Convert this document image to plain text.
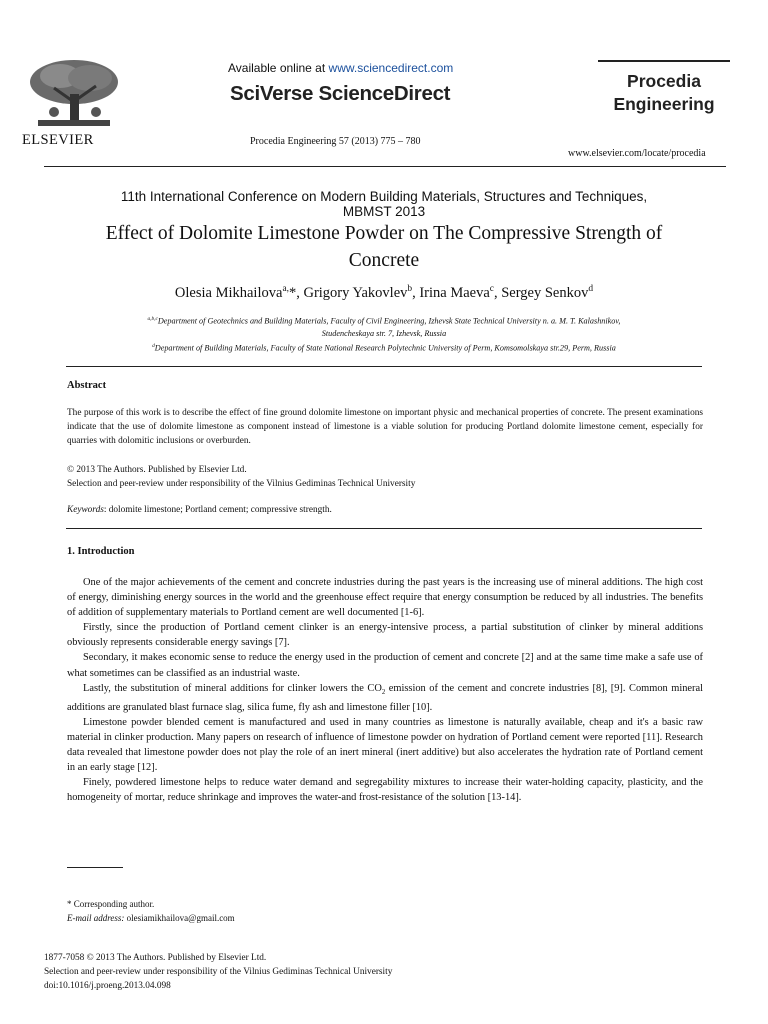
ELSEVIER
Available online at www.sciencedirect.com
SciVerse ScienceDirect
Procedia Engineering 57 (2013) 775 – 780
Procedia
Engineering
www.elsevier.com/locate/procedia
11th International Conference on Modern Building Materials, Structures and Techniques,
MBMST 2013
Effect of Dolomite Limestone Powder on The Compressive Strength of
Concrete
Olesia Mikhailova$^{a,}$*, Grigory Yakovlev$^b$, Irina Maeva$^c$, Sergey Senkov$^d$
$^{a,b,c}$Department of Geotechnics and Building Materials, Faculty of Civil Engineering, Izhevsk State Technical University n. a. M. T. Kalashnikov,
Studencheskaya str. 7, Izhevsk, Russia
$^d$Department of Building Materials, Faculty of State National Research Polytechnic University of Perm, Komsomolskaya str.29, Perm, Russia
Abstract
The purpose of this work is to describe the effect of fine ground dolomite limestone on important physic and mechanical properties of concrete. The present examinations indicate that the use of dolomite limestone as component instead of limestone is a viable solution for producing Portland dolomite limestone cement, especially for quarries with dolomitic inclusions or overburden.
© 2013 The Authors. Published by Elsevier Ltd.
Selection and peer-review under responsibility of the Vilnius Gediminas Technical University
Keywords: dolomite limestone; Portland cement; compressive strength.
1. Introduction

One of the major achievements of the cement and concrete industries during the past years is the increasing use of mineral additions. The high cost of energy, diminishing energy sources in the world and the greenhouse effect require that energy consumption be reduced by all industries. The benefits of addition of supplementary materials to Portland cement are well documented [1-6].

Firstly, since the production of Portland cement clinker is an energy-intensive process, a partial substitution of clinker by mineral additions obviously represents considerable energy savings [7].

Secondary, it makes economic sense to reduce the energy used in the production of cement and concrete [2] and at the same time make a safe use of what sometimes can be classified as an industrial waste.

Lastly, the substitution of mineral additions for clinker lowers the $CO_2$ emission of the cement and concrete industries [8], [9]. Common mineral additions are granulated blast furnace slag, silica fume, fly ash and limestone filler [10].

Limestone powder blended cement is manufactured and used in many countries as limestone is naturally available, cheap and it's a basic raw material in clinker production. Many papers on research of influence of limestone powder on hydration of Portland cement were reported [11]. Research data revealed that limestone powder does not play the role of an inert mineral (inert additive) but also accelerates the hydration rate of Portland cement in an early stage [12].

Finely, powdered limestone helps to reduce water demand and segregability mixtures to increase their water-holding capacity, plasticity, and the homogeneity of mortar, reduce shrinkage and improves the water-and frost-resistance of the solution [13-14].

* Corresponding author.
E-mail address: olesiamikhailova@gmail.com
1877-7058 © 2013 The Authors. Published by Elsevier Ltd.
Selection and peer-review under responsibility of the Vilnius Gediminas Technical University
doi:10.1016/j.proeng.2013.04.098
